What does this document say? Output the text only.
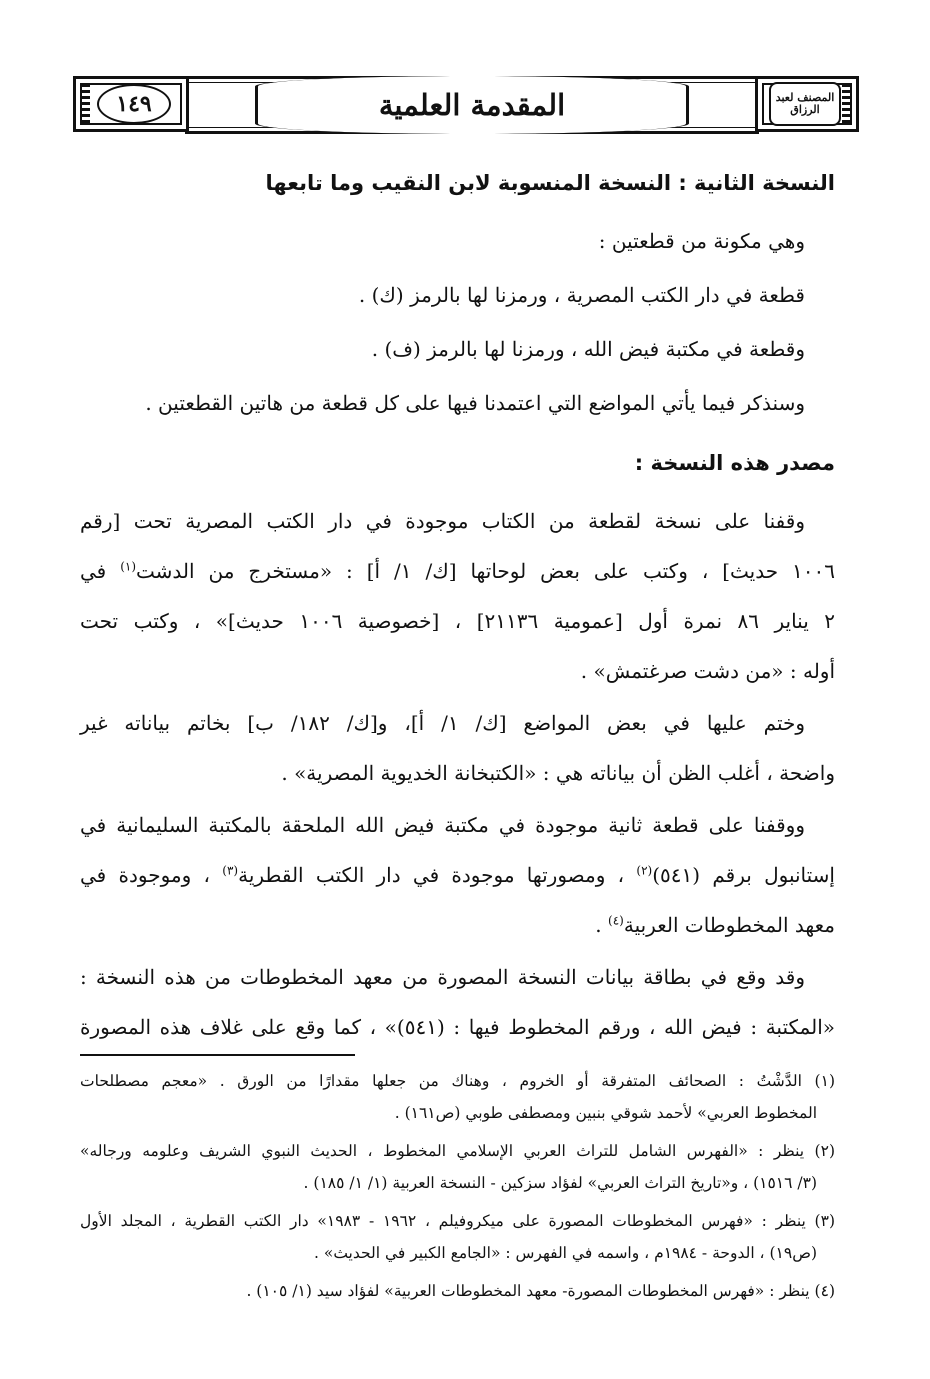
المقدمة العلمية
١٤٩	المصنف لعبد الرزاق
النسخة الثانية : النسخة المنسوبة لابن النقيب وما تابعها
وهي مكونة من قطعتين :
قطعة في دار الكتب المصرية ، ورمزنا لها بالرمز (ك) .
وقطعة في مكتبة فيض الله ، ورمزنا لها بالرمز (ف) .
وسنذكر فيما يأتي المواضع التي اعتمدنا فيها على كل قطعة من هاتين القطعتين .
مصدر هذه النسخة :
وقفنا على نسخة لقطعة من الكتاب موجودة في دار الكتب المصرية تحت [رقم
١٠٠٦ حديث] ، وكتب على بعض لوحاتها [ك/ ١/ أ] : «مستخرج من الدشت$^{(١)}$ في
٢ يناير ٨٦ نمرة أول [عمومية ٢١١٣٦] ، [خصوصية ١٠٠٦ حديث]» ، وكتب تحت
أوله : «من دشت صرغتمش» .
وختم عليها في بعض المواضع [ك/ ١/ أ]، و[ك/ ١٨٢/ ب] بخاتم بياناته غير
واضحة ، أغلب الظن أن بياناته هي : «الكتبخانة الخديوية المصرية» .
ووقفنا على قطعة ثانية موجودة في مكتبة فيض الله الملحقة بالمكتبة السليمانية في
إستانبول برقم (٥٤١)$^{(٢)}$ ، ومصورتها موجودة في دار الكتب القطرية$^{(٣)}$ ، وموجودة في
معهد المخطوطات العربية$^{(٤)}$ .
وقد وقع في بطاقة بيانات النسخة المصورة من معهد المخطوطات من هذه النسخة :
«المكتبة : فيض الله ، ورقم المخطوط فيها : (٥٤١)» ، كما وقع على غلاف هذه المصورة
(١) الدَّشْتُ : الصحائف المتفرقة أو الخروم ، وهناك من جعلها مقدارًا من الورق . «معجم مصطلحات
المخطوط العربي» لأحمد شوقي بنبين ومصطفى طوبي (ص١٦١) .
(٢) ينظر : «الفهرس الشامل للتراث العربي الإسلامي المخطوط ، الحديث النبوي الشريف وعلومه ورجاله»
(٣/ ١٥١٦) ، و«تاريخ التراث العربي» لفؤاد سزكين - النسخة العربية (١/ ١/ ١٨٥) .
(٣) ينظر : «فهرس المخطوطات المصورة على ميكروفيلم ، ١٩٦٢ - ١٩٨٣» دار الكتب القطرية ، المجلد الأول
(ص١٩) ، الدوحة - ١٩٨٤م ، واسمه في الفهرس : «الجامع الكبير في الحديث» .
(٤) ينظر : «فهرس المخطوطات المصورة- معهد المخطوطات العربية» لفؤاد سيد (١/ ١٠٥) .
